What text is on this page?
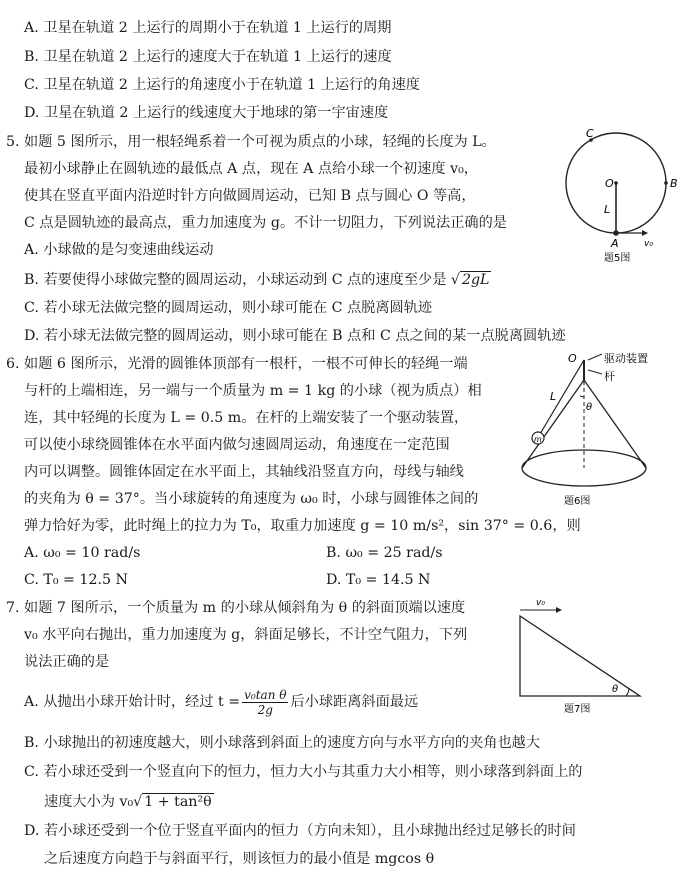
A. 卫星在轨道 2 上运行的周期小于在轨道 1 上运行的周期
B. 卫星在轨道 2 上运行的速度大于在轨道 1 上运行的速度
C. 卫星在轨道 2 上运行的角速度小于在轨道 1 上运行的角速度
D. 卫星在轨道 2 上运行的线速度大于地球的第一宇宙速度
5. 如题 5 图所示，用一根轻绳系着一个可视为质点的小球，轻绳的长度为 L。
最初小球静止在圆轨迹的最低点 A 点，现在 A 点给小球一个初速度 v₀，
使其在竖直平面内沿逆时针方向做圆周运动，已知 B 点与圆心 O 等高，
C 点是圆轨迹的最高点，重力加速度为 g。不计一切阻力，下列说法正确的是
A. 小球做的是匀变速曲线运动
B. 若要使得小球做完整的圆周运动，小球运动到 C 点的速度至少是 √ 2gL
C. 若小球无法做完整的圆周运动，则小球可能在 C 点脱离圆轨迹
D. 若小球无法做完整的圆周运动，则小球可能在 B 点和 C 点之间的某一点脱离圆轨迹
C
O	B
L
A	v₀
题5图
6. 如题 6 图所示，光滑的圆锥体顶部有一根杆，一根不可伸长的轻绳一端
与杆的上端相连，另一端与一个质量为 m = 1 kg 的小球（视为质点）相
连，其中轻绳的长度为 L = 0.5 m。在杆的上端安装了一个驱动装置，
可以使小球绕圆锥体在水平面内做匀速圆周运动，角速度在一定范围
内可以调整。圆锥体固定在水平面上，其轴线沿竖直方向，母线与轴线
的夹角为 θ = 37°。当小球旋转的角速度为 ω₀ 时，小球与圆锥体之间的
弹力恰好为零，此时绳上的拉力为 T₀，取重力加速度 g = 10 m/s²，sin 37° = 0.6，则
A. ω₀ = 10 rad/s	B. ω₀ = 25 rad/s
C. T₀ = 12.5 N	D. T₀ = 14.5 N
O 驱动装置
杆
L
θ
m
题6图
7. 如题 7 图所示，一个质量为 m 的小球从倾斜角为 θ 的斜面顶端以速度
v₀ 水平向右抛出，重力加速度为 g，斜面足够长，不计空气阻力，下列
说法正确的是
A. 从抛出小球开始计时，经过 $t = \frac{\text{v₀tan θ}}{2g}$ 后小球距离斜面最远
B. 小球抛出的初速度越大，则小球落到斜面上的速度方向与水平方向的夹角也越大
C. 若小球还受到一个竖直向下的恒力，恒力大小与其重力大小相等，则小球落到斜面上的
速度大小为 v₀√ 1 + tan²θ
D. 若小球还受到一个位于竖直平面内的恒力（方向未知），且小球抛出经过足够长的时间
之后速度方向趋于与斜面平行，则该恒力的最小值是 mgcos θ
v₀
θ
题7图
